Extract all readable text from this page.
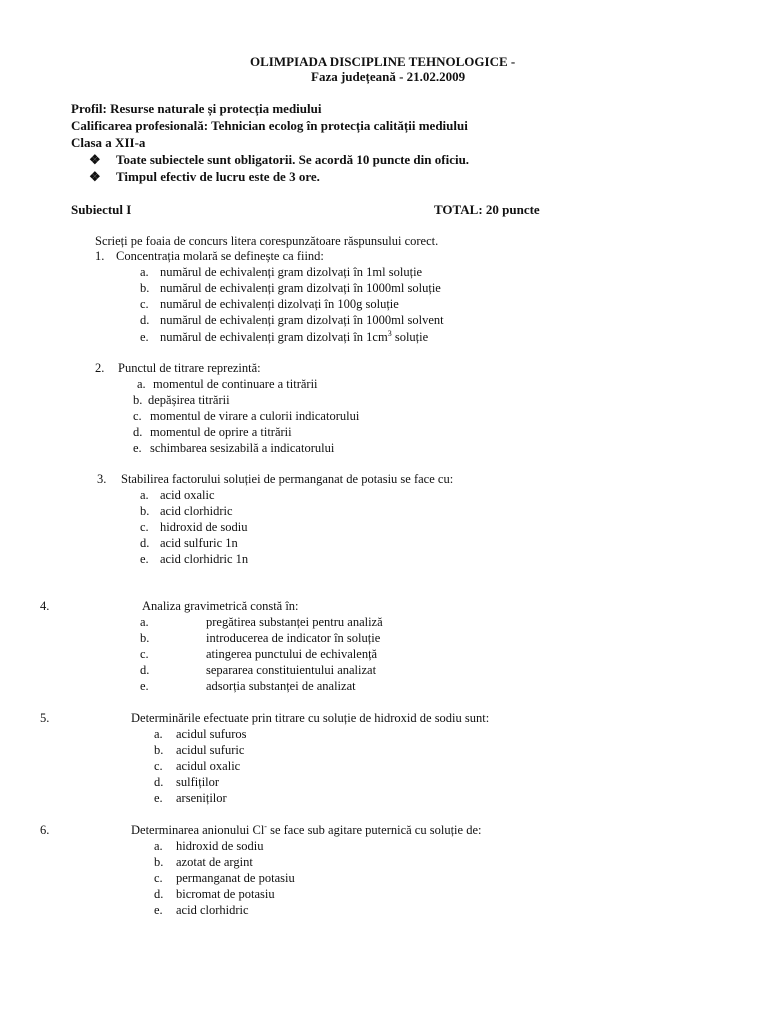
OLIMPIADA DISCIPLINE TEHNOLOGICE -
Faza județeană - 21.02.2009
Profil: Resurse naturale și protecția mediului
Calificarea profesională: Tehnician ecolog în protecția calității mediului
Clasa a XII-a
❖ Toate subiectele sunt obligatorii. Se acordă 10 puncte din oficiu.
❖ Timpul efectiv de lucru este de 3 ore.
Subiectul I	TOTAL: 20 puncte
Scrieți pe foaia de concurs litera corespunzătoare răspunsului corect.
1. Concentrația molară se definește ca fiind:
a. numărul de echivalenți gram dizolvați în 1ml soluție
b. numărul de echivalenți gram dizolvați în 1000ml soluție
c. numărul de echivalenți dizolvați în 100g soluție
d. numărul de echivalenți gram dizolvați în 1000ml solvent
e. numărul de echivalenți gram dizolvați în $1cm^3$ soluție
2. Punctul de titrare reprezintă:
a. momentul de continuare a titrării
b. depășirea titrării
c. momentul de virare a culorii indicatorului
d. momentul de oprire a titrării
e. schimbarea sesizabilă a indicatorului
3. Stabilirea factorului soluției de permanganat de potasiu se face cu:
a. acid oxalic
b. acid clorhidric
c. hidroxid de sodiu
d. acid sulfuric 1n
e. acid clorhidric 1n
4.	Analiza gravimetrică constă în:
a.	pregătirea substanței pentru analiză
b.	introducerea de indicator în soluție
c.	atingerea punctului de echivalență
d.	separarea constituientului analizat
e.	adsorția substanței de analizat
5.	Determinările efectuate prin titrare cu soluție de hidroxid de sodiu sunt:
a. acidul sufuros
b. acidul sufuric
c. acidul oxalic
d. sulfiților
e. arseniților
6.	Determinarea anionului Cl- se face sub agitare puternică cu soluție de:
a. hidroxid de sodiu
b. azotat de argint
c. permanganat de potasiu
d. bicromat de potasiu
e. acid clorhidric
